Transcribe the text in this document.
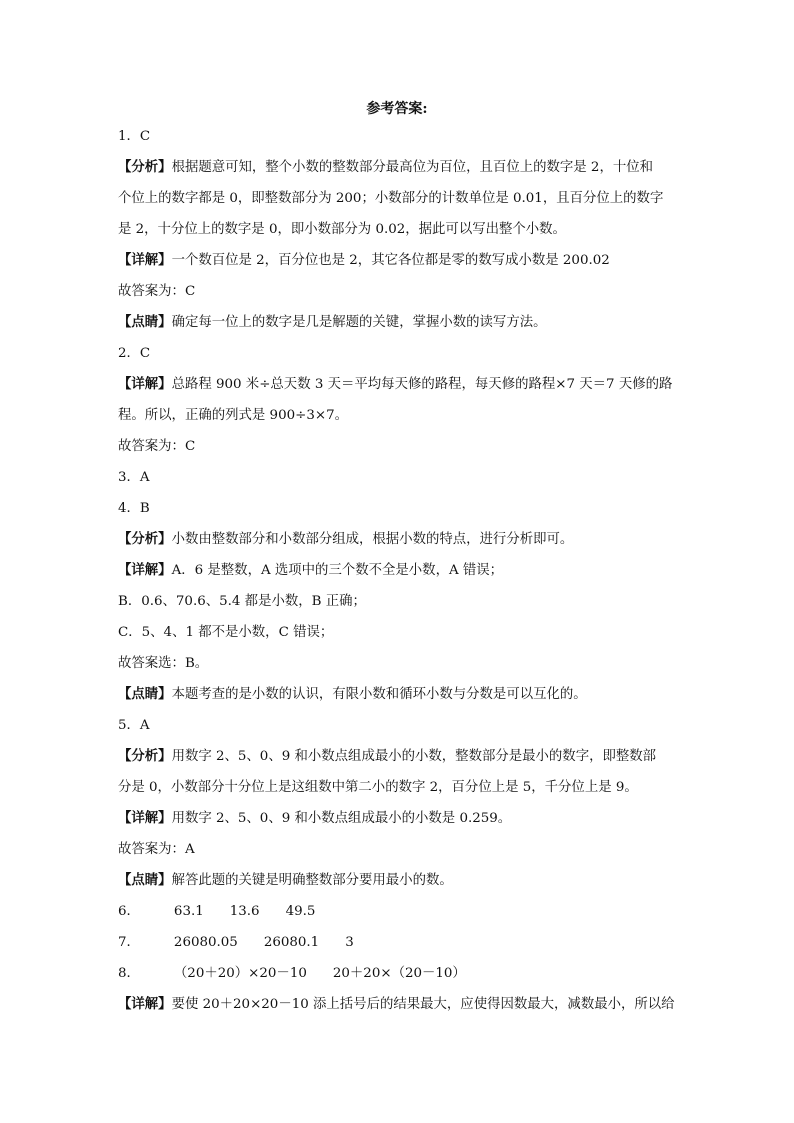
参考答案:
1．C
【分析】根据题意可知，整个小数的整数部分最高位为百位，且百位上的数字是 2，十位和
个位上的数字都是 0，即整数部分为 200；小数部分的计数单位是 0.01，且百分位上的数字
是 2，十分位上的数字是 0，即小数部分为 0.02，据此可以写出整个小数。
【详解】一个数百位是 2，百分位也是 2，其它各位都是零的数写成小数是 200.02
故答案为：C
【点睛】确定每一位上的数字是几是解题的关键，掌握小数的读写方法。
2．C
【详解】总路程 900 米÷总天数 3 天＝平均每天修的路程，每天修的路程×7 天＝7 天修的路
程。所以，正确的列式是 900÷3×7。
故答案为：C
3．A
4．B
【分析】小数由整数部分和小数部分组成，根据小数的特点，进行分析即可。
【详解】A．6 是整数，A 选项中的三个数不全是小数，A 错误；
B．0.6、70.6、5.4 都是小数，B 正确；
C．5、4、1 都不是小数，C 错误；
故答案选：B。
【点睛】本题考查的是小数的认识，有限小数和循环小数与分数是可以互化的。
5．A
【分析】用数字 2、5、0、9 和小数点组成最小的小数，整数部分是最小的数字，即整数部
分是 0，小数部分十分位上是这组数中第二小的数字 2，百分位上是 5，千分位上是 9。
【详解】用数字 2、5、0、9 和小数点组成最小的小数是 0.259。
故答案为：A
【点睛】解答此题的关键是明确整数部分要用最小的数。
6．	63.1 13.6 49.5
7．	26080.05 26080.1 3
8．	（20＋20）×20－10 20＋20×（20－10）
【详解】要使 20＋20×20－10 添上括号后的结果最大，应使得因数最大，减数最小，所以给
